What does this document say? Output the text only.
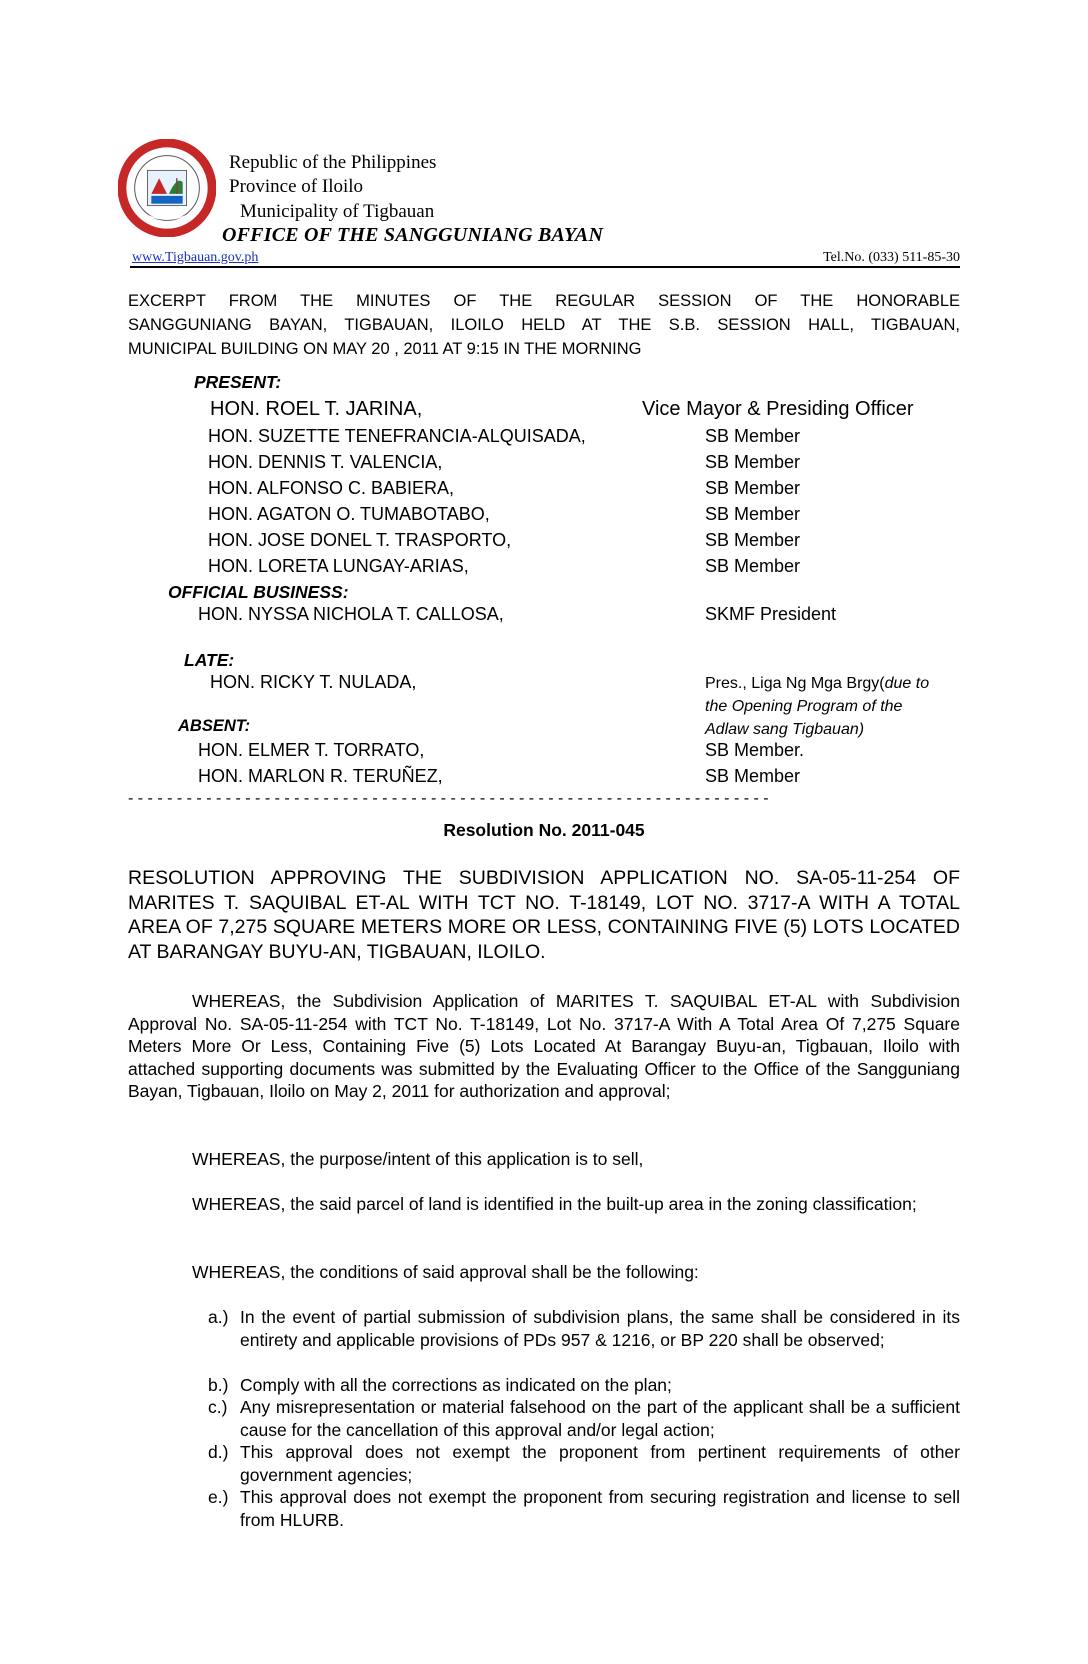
Republic of the Philippines
Province of Iloilo
Municipality of Tigbauan
OFFICE OF THE SANGGUNIANG BAYAN
www.Tigbauan.gov.ph	Tel.No. (033) 511-85-30
EXCERPT FROM THE MINUTES OF THE REGULAR SESSION OF THE HONORABLE
SANGGUNIANG BAYAN, TIGBAUAN, ILOILO HELD AT THE S.B. SESSION HALL, TIGBAUAN,
MUNICIPAL BUILDING ON MAY 20 , 2011 AT 9:15 IN THE MORNING
PRESENT:
HON. ROEL T. JARINA,	Vice Mayor & Presiding Officer
HON. SUZETTE TENEFRANCIA-ALQUISADA,	SB Member
HON. DENNIS T. VALENCIA,	SB Member
HON. ALFONSO C. BABIERA,	SB Member
HON. AGATON O. TUMABOTABO,	SB Member
HON. JOSE DONEL T. TRASPORTO,	SB Member
HON. LORETA LUNGAY-ARIAS,	SB Member
OFFICIAL BUSINESS:
HON. NYSSA NICHOLA T. CALLOSA,	SKMF President
LATE:
HON. RICKY T. NULADA,	Pres., Liga Ng Mga Brgy(due to
the Opening Program of the
Adlaw sang Tigbauan)
ABSENT:
HON. ELMER T. TORRATO,	SB Member.
HON. MARLON R. TERUÑEZ,	SB Member
- - - - - - - - - - - - - - - - - - - - - - - - - - - - - - - - - - - - - - - - - - - - - - - - - - - - - - - - - - - - - - - - - -
Resolution No. 2011-045
RESOLUTION APPROVING THE SUBDIVISION APPLICATION NO. SA-05-11-254 OF MARITES T. SAQUIBAL ET-AL WITH TCT NO. T-18149, LOT NO. 3717-A WITH A TOTAL AREA OF 7,275 SQUARE METERS MORE OR LESS, CONTAINING FIVE (5) LOTS LOCATED AT BARANGAY BUYU-AN, TIGBAUAN, ILOILO.
WHEREAS, the Subdivision Application of MARITES T. SAQUIBAL ET-AL with Subdivision Approval No. SA-05-11-254 with TCT No. T-18149, Lot No. 3717-A With A Total Area Of 7,275 Square Meters More Or Less, Containing Five (5) Lots Located At Barangay Buyu-an, Tigbauan, Iloilo with attached supporting documents was submitted by the Evaluating Officer to the Office of the Sangguniang Bayan, Tigbauan, Iloilo on May 2, 2011 for authorization and approval;
WHEREAS, the purpose/intent of this application is to sell,
WHEREAS, the said parcel of land is identified in the built-up area in the zoning classification;
WHEREAS, the conditions of said approval shall be the following:
a.) In the event of partial submission of subdivision plans, the same shall be considered in its entirety and applicable provisions of PDs 957 & 1216, or BP 220 shall be observed;
b.) Comply with all the corrections as indicated on the plan;
c.) Any misrepresentation or material falsehood on the part of the applicant shall be a sufficient cause for the cancellation of this approval and/or legal action;
d.) This approval does not exempt the proponent from pertinent requirements of other government agencies;
e.) This approval does not exempt the proponent from securing registration and license to sell from HLURB.
